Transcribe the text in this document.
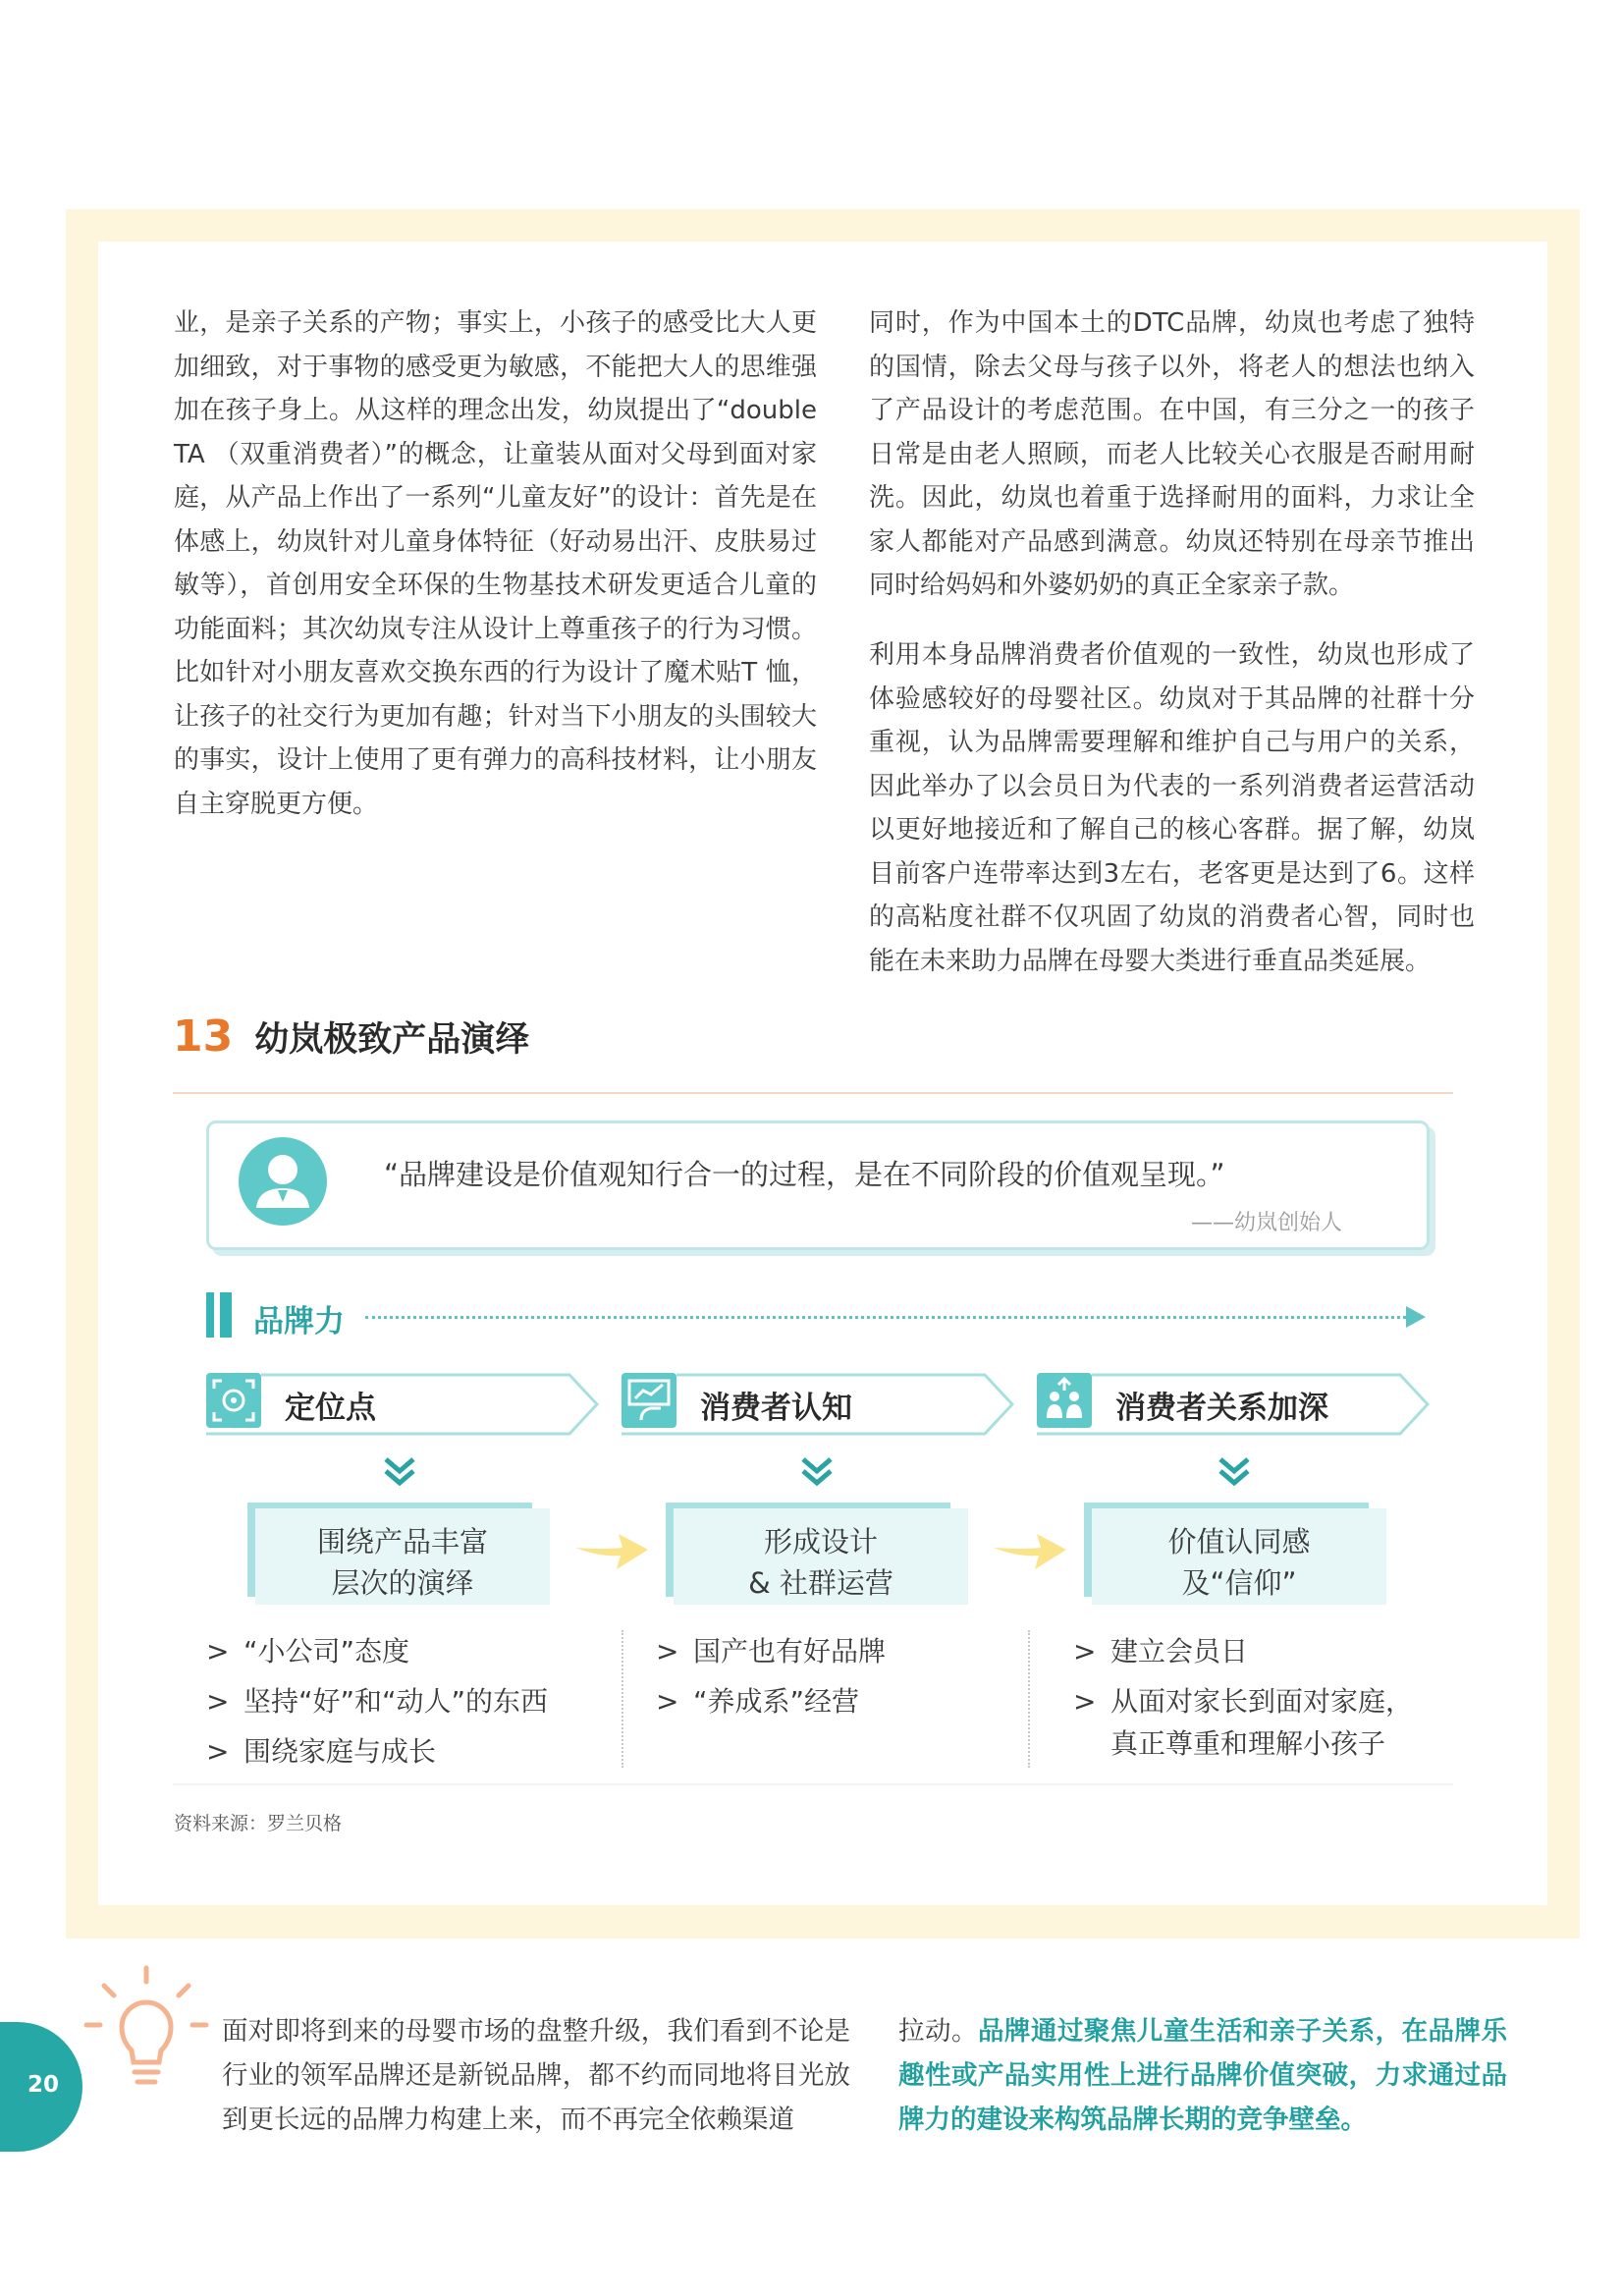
业，是亲子关系的产物；事实上，小孩子的感受比大人更加细致，对于事物的感受更为敏感，不能把大人的思维强加在孩子身上。从这样的理念出发，幼岚提出了“double TA （双重消费者）”的概念，让童装从面对父母到面对家庭，从产品上作出了一系列“儿童友好”的设计：首先是在体感上，幼岚针对儿童身体特征（好动易出汗、皮肤易过敏等），首创用安全环保的生物基技术研发更适合儿童的功能面料；其次幼岚专注从设计上尊重孩子的行为习惯。比如针对小朋友喜欢交换东西的行为设计了魔术贴T 恤，让孩子的社交行为更加有趣；针对当下小朋友的头围较大的事实，设计上使用了更有弹力的高科技材料，让小朋友自主穿脱更方便。

同时，作为中国本土的DTC品牌，幼岚也考虑了独特的国情，除去父母与孩子以外，将老人的想法也纳入了产品设计的考虑范围。在中国，有三分之一的孩子日常是由老人照顾，而老人比较关心衣服是否耐用耐洗。因此，幼岚也着重于选择耐用的面料，力求让全家人都能对产品感到满意。幼岚还特别在母亲节推出同时给妈妈和外婆奶奶的真正全家亲子款。

利用本身品牌消费者价值观的一致性，幼岚也形成了体验感较好的母婴社区。幼岚对于其品牌的社群十分重视，认为品牌需要理解和维护自己与用户的关系，因此举办了以会员日为代表的一系列消费者运营活动以更好地接近和了解自己的核心客群。据了解，幼岚目前客户连带率达到3左右，老客更是达到了6。这样的高粘度社群不仅巩固了幼岚的消费者心智，同时也能在未来助力品牌在母婴大类进行垂直品类延展。

13 幼岚极致产品演绎
“品牌建设是价值观知行合一的过程，是在不同阶段的价值观呈现。”
——幼岚创始人
品牌力
定位点	消费者认知	消费者关系加深
围绕产品丰富
层次的演绎
形成设计
& 社群运营
价值认同感
及“信仰”
> “小公司”态度
> 坚持“好”和“动人”的东西
> 围绕家庭与成长
> 国产也有好品牌
> “养成系”经营
> 建立会员日
> 从面对家长到面对家庭，
真正尊重和理解小孩子
资料来源：罗兰贝格
20

面对即将到来的母婴市场的盘整升级，我们看到不论是行业的领军品牌还是新锐品牌，都不约而同地将目光放到更长远的品牌力构建上来，而不再完全依赖渠道

拉动。品牌通过聚焦儿童生活和亲子关系，在品牌乐趣性或产品实用性上进行品牌价值突破，力求通过品牌力的建设来构筑品牌长期的竞争壁垒。
